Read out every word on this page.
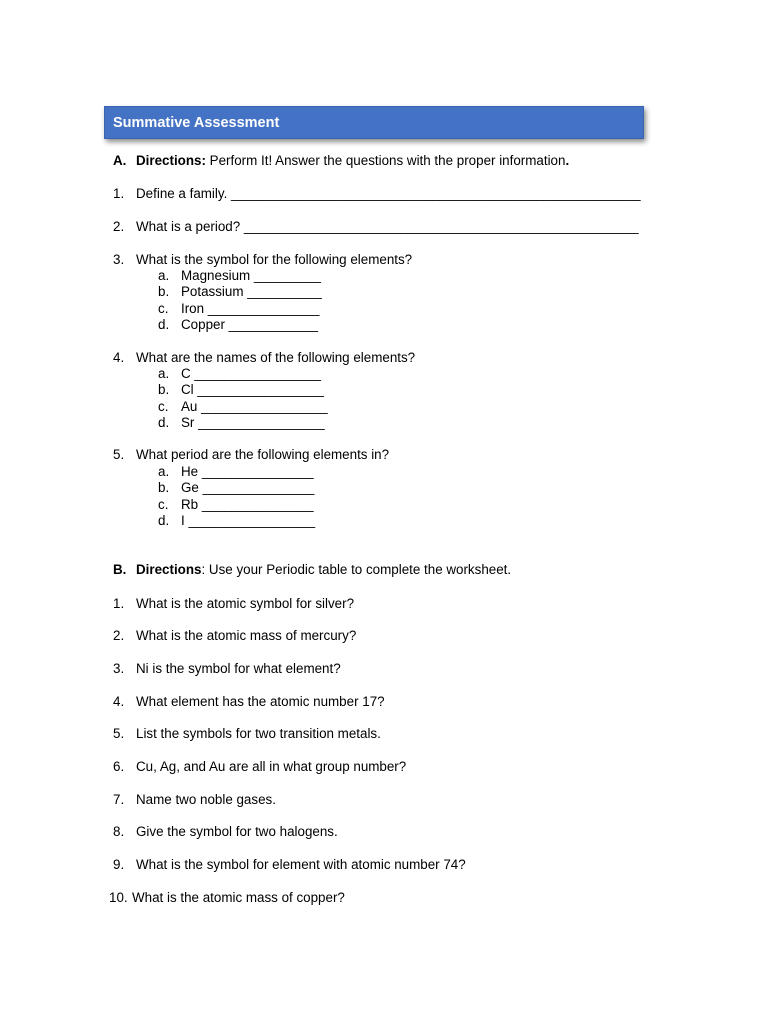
Summative Assessment
A. Directions: Perform It! Answer the questions with the proper information.
1. Define a family. _______________________________________________________
2. What is a period? _____________________________________________________
3. What is the symbol for the following elements?
a. Magnesium _________
b. Potassium __________
c. Iron _______________
d. Copper ____________
4. What are the names of the following elements?
a. C _________________
b. Cl _________________
c. Au _________________
d. Sr _________________
5. What period are the following elements in?
a. He _______________
b. Ge _______________
c. Rb _______________
d. I _________________
B. Directions: Use your Periodic table to complete the worksheet.
1. What is the atomic symbol for silver?
2. What is the atomic mass of mercury?
3. Ni is the symbol for what element?
4. What element has the atomic number 17?
5. List the symbols for two transition metals.
6. Cu, Ag, and Au are all in what group number?
7. Name two noble gases.
8. Give the symbol for two halogens.
9. What is the symbol for element with atomic number 74?
10. What is the atomic mass of copper?
